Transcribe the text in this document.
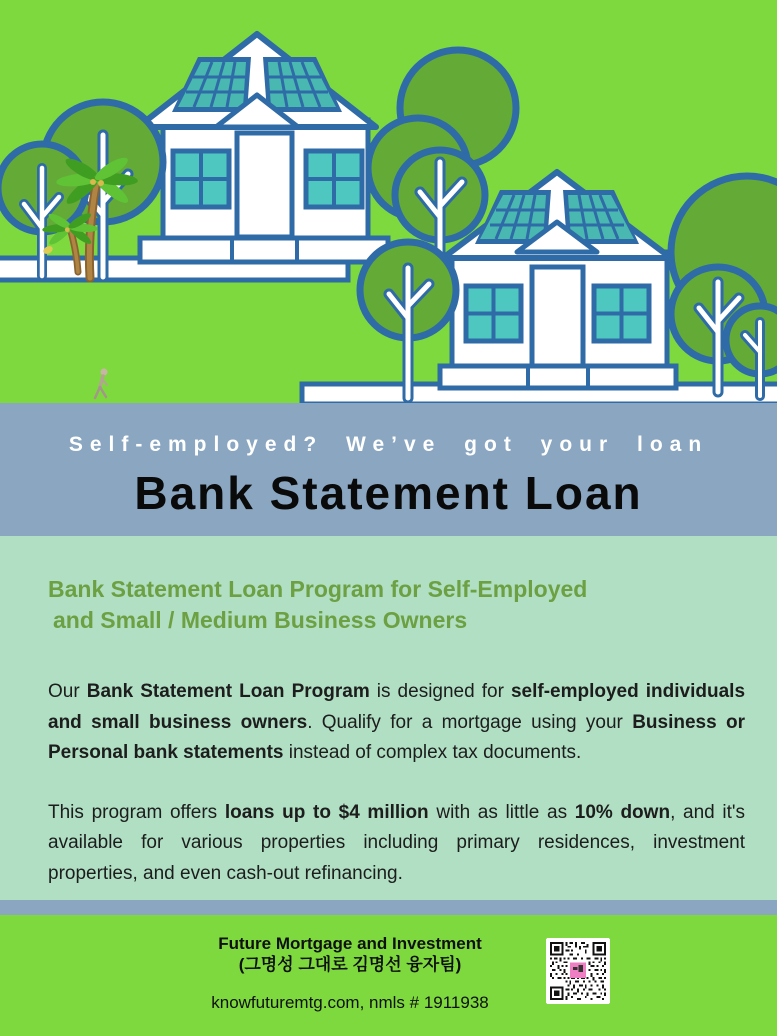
Self-employed? We’ve got your loan
Bank Statement Loan
Bank Statement Loan Program for Self-Employed
and Small / Medium Business Owners

Our Bank Statement Loan Program is designed for self-employed individuals and small business owners. Qualify for a mortgage using your Business or Personal bank statements instead of complex tax documents.

This program offers loans up to $4 million with as little as 10% down, and it's available for various properties including primary residences, investment properties, and even cash-out refinancing.

Future Mortgage and Investment
(그명성 그대로 김명선 융자팀)
knowfuturemtg.com, nmls # 1911938
